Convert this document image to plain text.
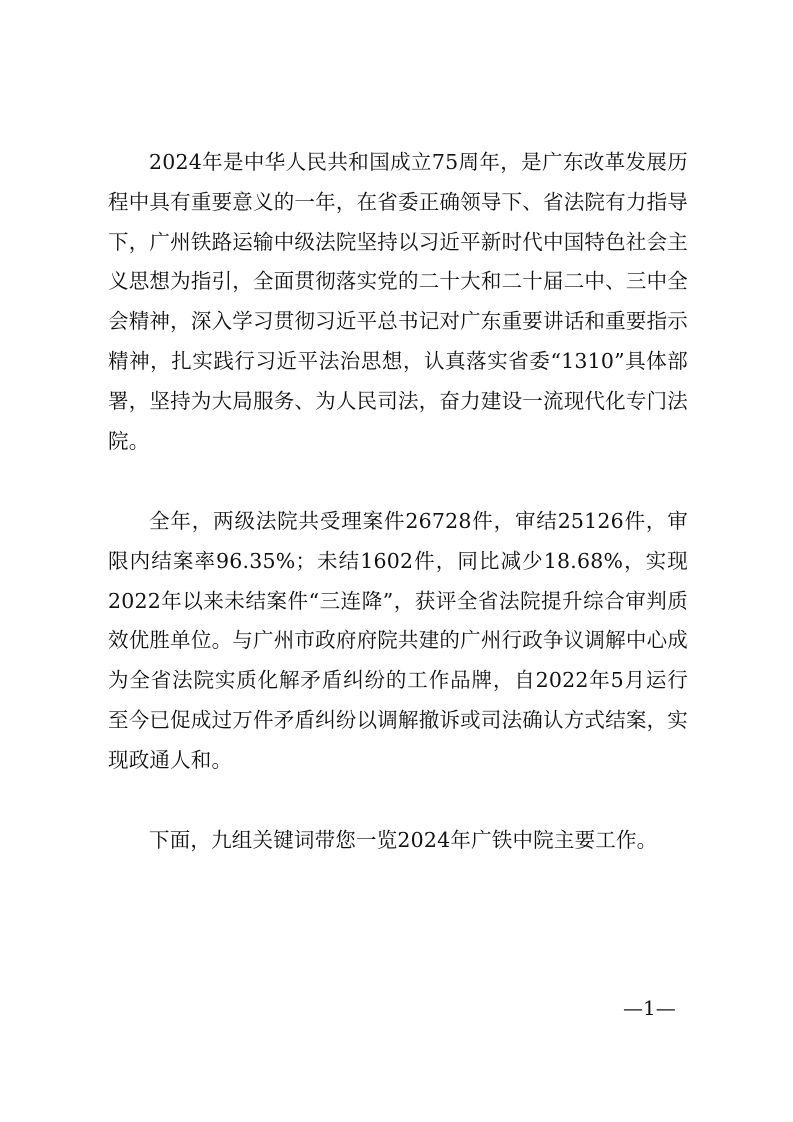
2024年是中华人民共和国成立75周年，是广东改革发展历程中具有重要意义的一年，在省委正确领导下、省法院有力指导下，广州铁路运输中级法院坚持以习近平新时代中国特色社会主义思想为指引，全面贯彻落实党的二十大和二十届二中、三中全会精神，深入学习贯彻习近平总书记对广东重要讲话和重要指示精神，扎实践行习近平法治思想，认真落实省委“1310”具体部署，坚持为大局服务、为人民司法，奋力建设一流现代化专门法院。

全年，两级法院共受理案件26728件，审结25126件，审限内结案率96.35%；未结1602件，同比减少18.68%，实现2022年以来未结案件“三连降”，获评全省法院提升综合审判质效优胜单位。与广州市政府府院共建的广州行政争议调解中心成为全省法院实质化解矛盾纠纷的工作品牌，自2022年5月运行至今已促成过万件矛盾纠纷以调解撤诉或司法确认方式结案，实现政通人和。

下面，九组关键词带您一览2024年广铁中院主要工作。

—1—
